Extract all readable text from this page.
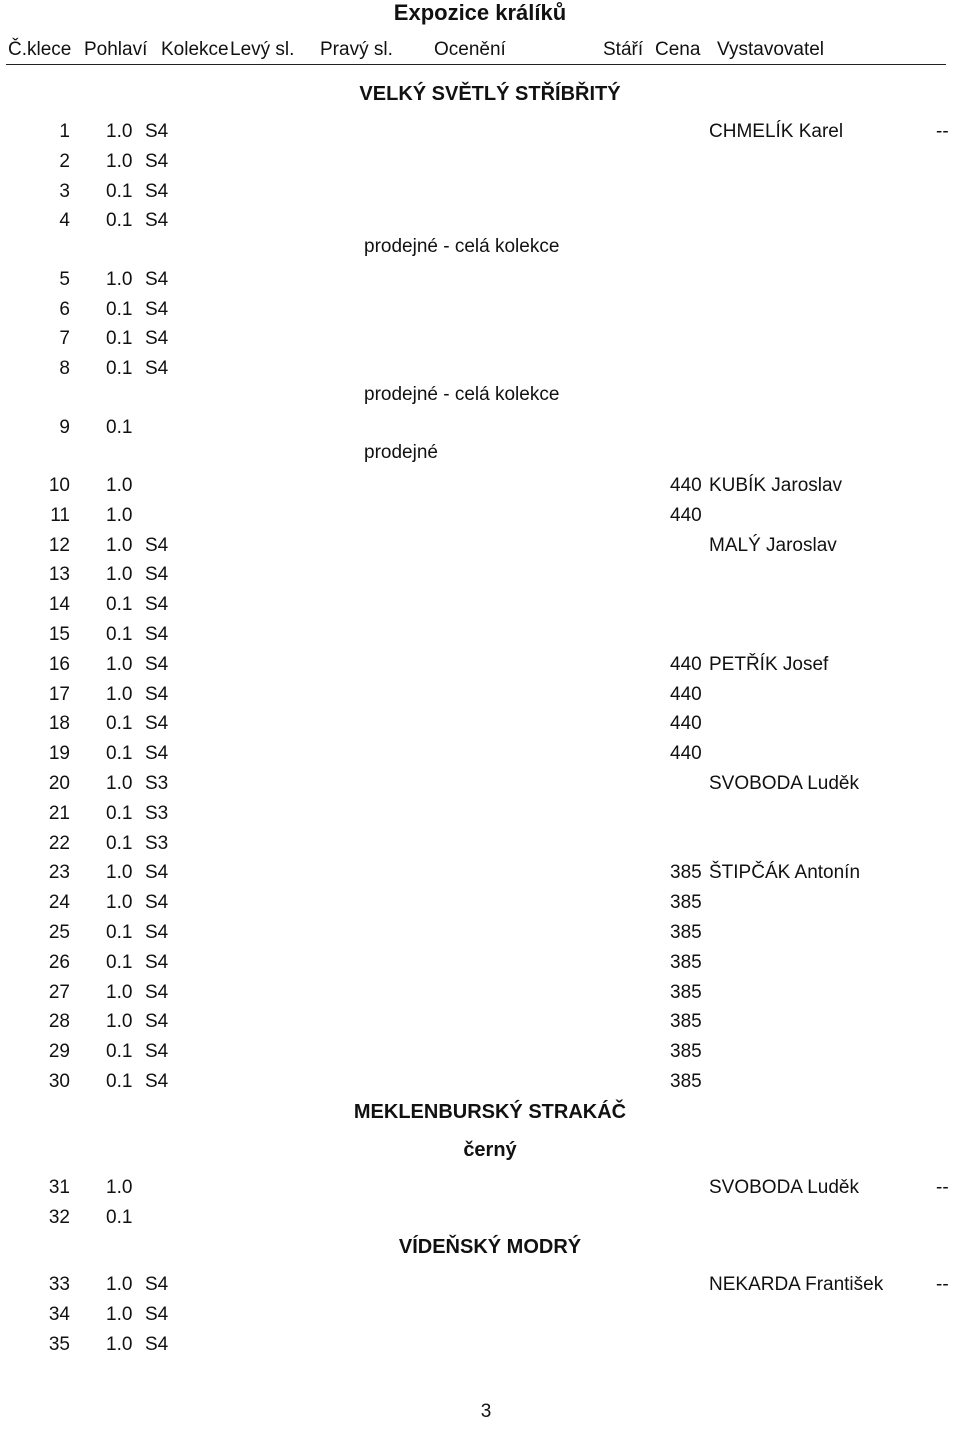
Expozice králíků
Č.klece Pohlaví Kolekce Levý sl. Pravý sl. Ocenění	Stáří Cena Vystavovatel
VELKÝ SVĚTLÝ STŘÍBŘITÝ
1 1.0 S4	CHMELÍK Karel	--
2 1.0 S4
3 0.1 S4
4 0.1 S4
prodejné - celá kolekce
5 1.0 S4
6 0.1 S4
7 0.1 S4
8 0.1 S4
prodejné - celá kolekce
9 0.1
prodejné
10 1.0	440 KUBÍK Jaroslav
11 1.0	440
12 1.0 S4	MALÝ Jaroslav
13 1.0 S4
14 0.1 S4
15 0.1 S4
16 1.0 S4	440 PETŘÍK Josef
17 1.0 S4	440
18 0.1 S4	440
19 0.1 S4	440
20 1.0 S3	SVOBODA Luděk
21 0.1 S3
22 0.1 S3
23 1.0 S4	385 ŠTIPČÁK Antonín
24 1.0 S4	385
25 0.1 S4	385
26 0.1 S4	385
27 1.0 S4	385
28 1.0 S4	385
29 0.1 S4	385
30 0.1 S4	385
MEKLENBURSKÝ STRAKÁČ
černý
31 1.0	SVOBODA Luděk	--
32 0.1
VÍDEŇSKÝ MODRÝ
33 1.0 S4	NEKARDA František	--
34 1.0 S4
35 1.0 S4
3
